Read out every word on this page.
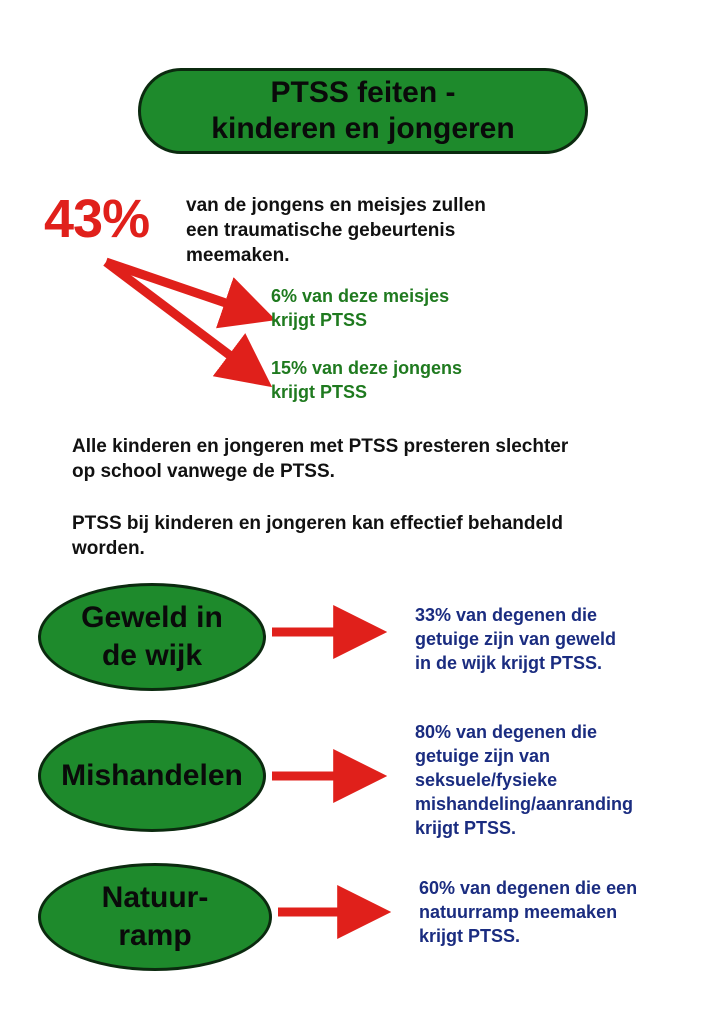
PTSS feiten -
kinderen en jongeren
43% van de jongens en meisjes zullen
een traumatische gebeurtenis
meemaken.
6% van deze meisjes
krijgt PTSS
15% van deze jongens
krijgt PTSS
Alle kinderen en jongeren met PTSS presteren slechter
op school vanwege de PTSS.
PTSS bij kinderen en jongeren kan effectief behandeld
worden.
Geweld in
de wijk
33% van degenen die
getuige zijn van geweld
in de wijk krijgt PTSS.
Mishandelen
80% van degenen die
getuige zijn van
seksuele/fysieke
mishandeling/aanranding
krijgt PTSS.
Natuur-
ramp
60% van degenen die een
natuurramp meemaken
krijgt PTSS.
